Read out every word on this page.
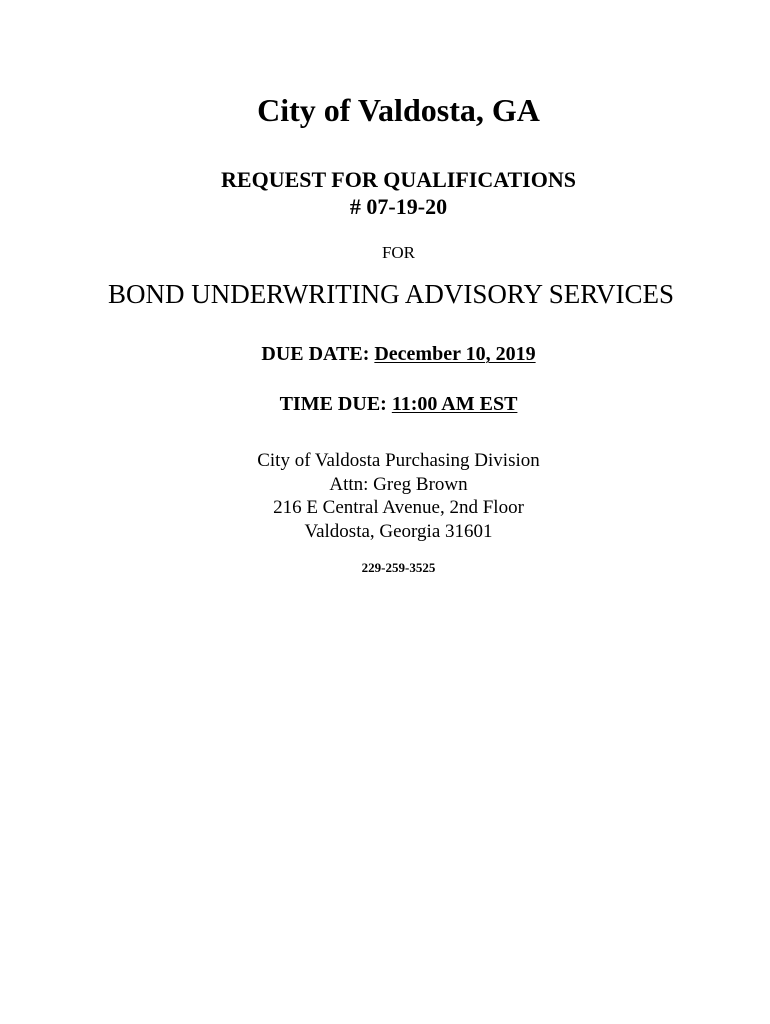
City of Valdosta, GA
REQUEST FOR QUALIFICATIONS
# 07-19-20
FOR
BOND UNDERWRITING ADVISORY SERVICES
DUE DATE: December 10, 2019
TIME DUE: 11:00 AM EST
City of Valdosta Purchasing Division
Attn: Greg Brown
216 E Central Avenue, 2nd Floor
Valdosta, Georgia 31601
229-259-3525
